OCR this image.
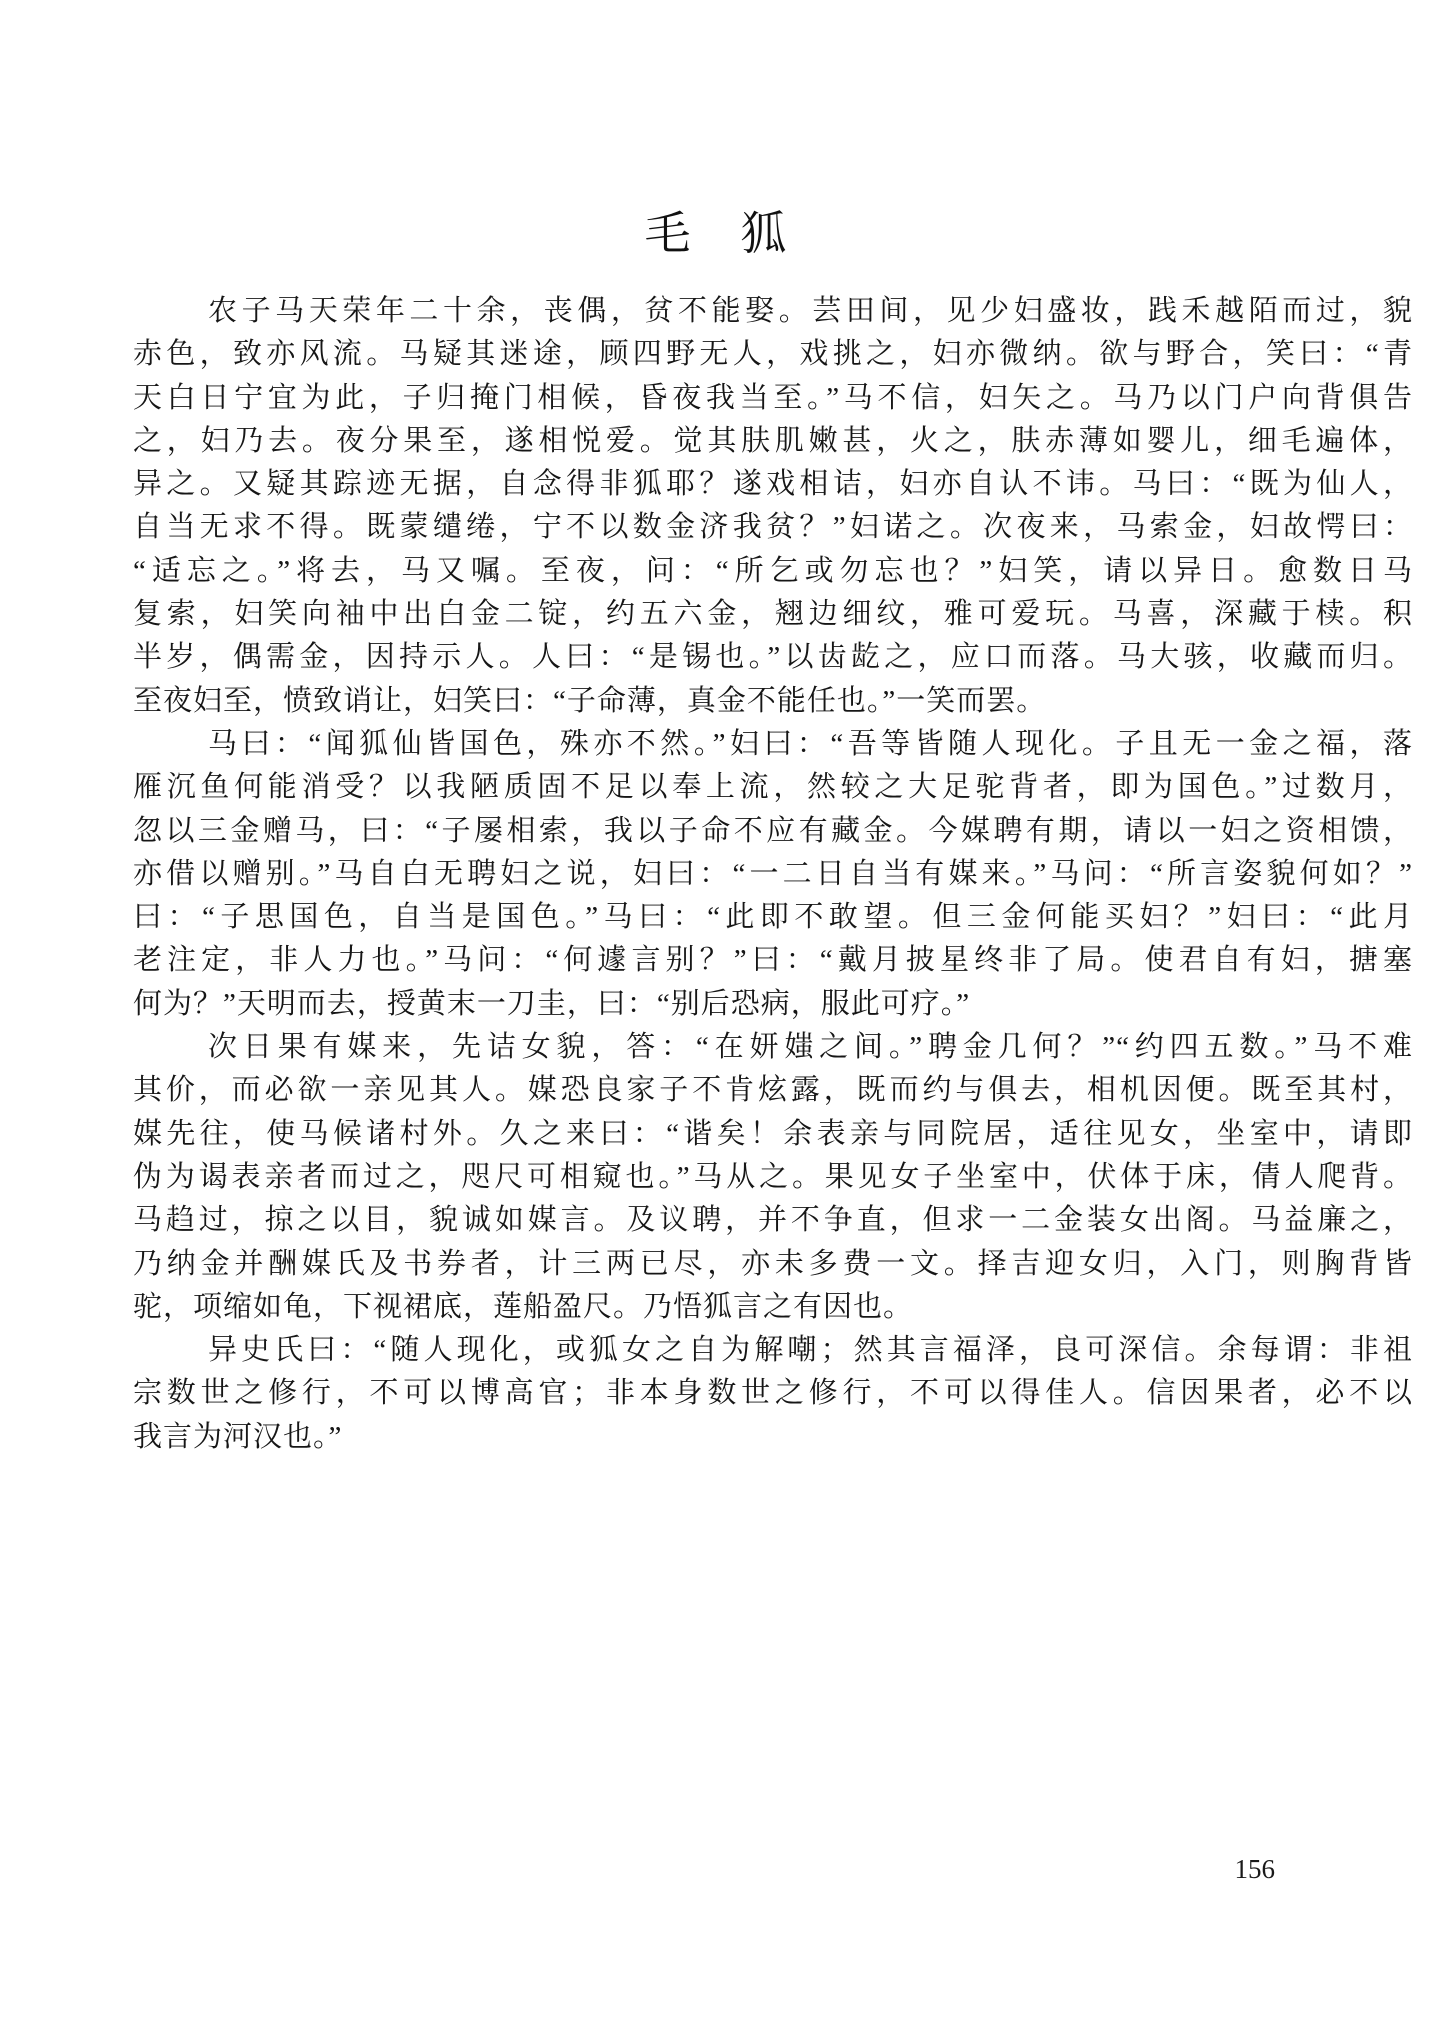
毛　狐
农子马天荣年二十余，丧偶，贫不能娶。芸田间，见少妇盛妆，践禾越陌而过，貌
赤色，致亦风流。马疑其迷途，顾四野无人，戏挑之，妇亦微纳。欲与野合，笑曰：“青
天白日宁宜为此，子归掩门相候，昏夜我当至。”马不信，妇矢之。马乃以门户向背俱告
之，妇乃去。夜分果至，遂相悦爱。觉其肤肌嫩甚，火之，肤赤薄如婴儿，细毛遍体，
异之。又疑其踪迹无据，自念得非狐耶？遂戏相诘，妇亦自认不讳。马曰：“既为仙人，
自当无求不得。既蒙缱绻，宁不以数金济我贫？”妇诺之。次夜来，马索金，妇故愕曰：
“适忘之。”将去，马又嘱。至夜，问：“所乞或勿忘也？”妇笑，请以异日。愈数日马
复索，妇笑向袖中出白金二锭，约五六金，翘边细纹，雅可爱玩。马喜，深藏于椟。积
半岁，偶需金，因持示人。人曰：“是锡也。”以齿龁之，应口而落。马大骇，收藏而归。
至夜妇至，愤致诮让，妇笑曰：“子命薄，真金不能任也。”一笑而罢。
马曰：“闻狐仙皆国色，殊亦不然。”妇曰：“吾等皆随人现化。子且无一金之福，落
雁沉鱼何能消受？以我陋质固不足以奉上流，然较之大足驼背者，即为国色。”过数月，
忽以三金赠马，曰：“子屡相索，我以子命不应有藏金。今媒聘有期，请以一妇之资相馈，
亦借以赠别。”马自白无聘妇之说，妇曰：“一二日自当有媒来。”马问：“所言姿貌何如？”
曰：“子思国色，自当是国色。”马曰：“此即不敢望。但三金何能买妇？”妇曰：“此月
老注定，非人力也。”马问：“何遽言别？”曰：“戴月披星终非了局。使君自有妇，搪塞
何为？”天明而去，授黄末一刀圭，曰：“别后恐病，服此可疗。”
次日果有媒来，先诘女貌，答：“在妍媸之间。”聘金几何？”“约四五数。”马不难
其价，而必欲一亲见其人。媒恐良家子不肯炫露，既而约与俱去，相机因便。既至其村，
媒先往，使马候诸村外。久之来曰：“谐矣！余表亲与同院居，适往见女，坐室中，请即
伪为谒表亲者而过之，咫尺可相窥也。”马从之。果见女子坐室中，伏体于床，倩人爬背。
马趋过，掠之以目，貌诚如媒言。及议聘，并不争直，但求一二金装女出阁。马益廉之，
乃纳金并酬媒氏及书券者，计三两已尽，亦未多费一文。择吉迎女归，入门，则胸背皆
驼，项缩如龟，下视裙底，莲船盈尺。乃悟狐言之有因也。
异史氏曰：“随人现化，或狐女之自为解嘲；然其言福泽，良可深信。余每谓：非祖
宗数世之修行，不可以博高官；非本身数世之修行，不可以得佳人。信因果者，必不以
我言为河汉也。”
156
